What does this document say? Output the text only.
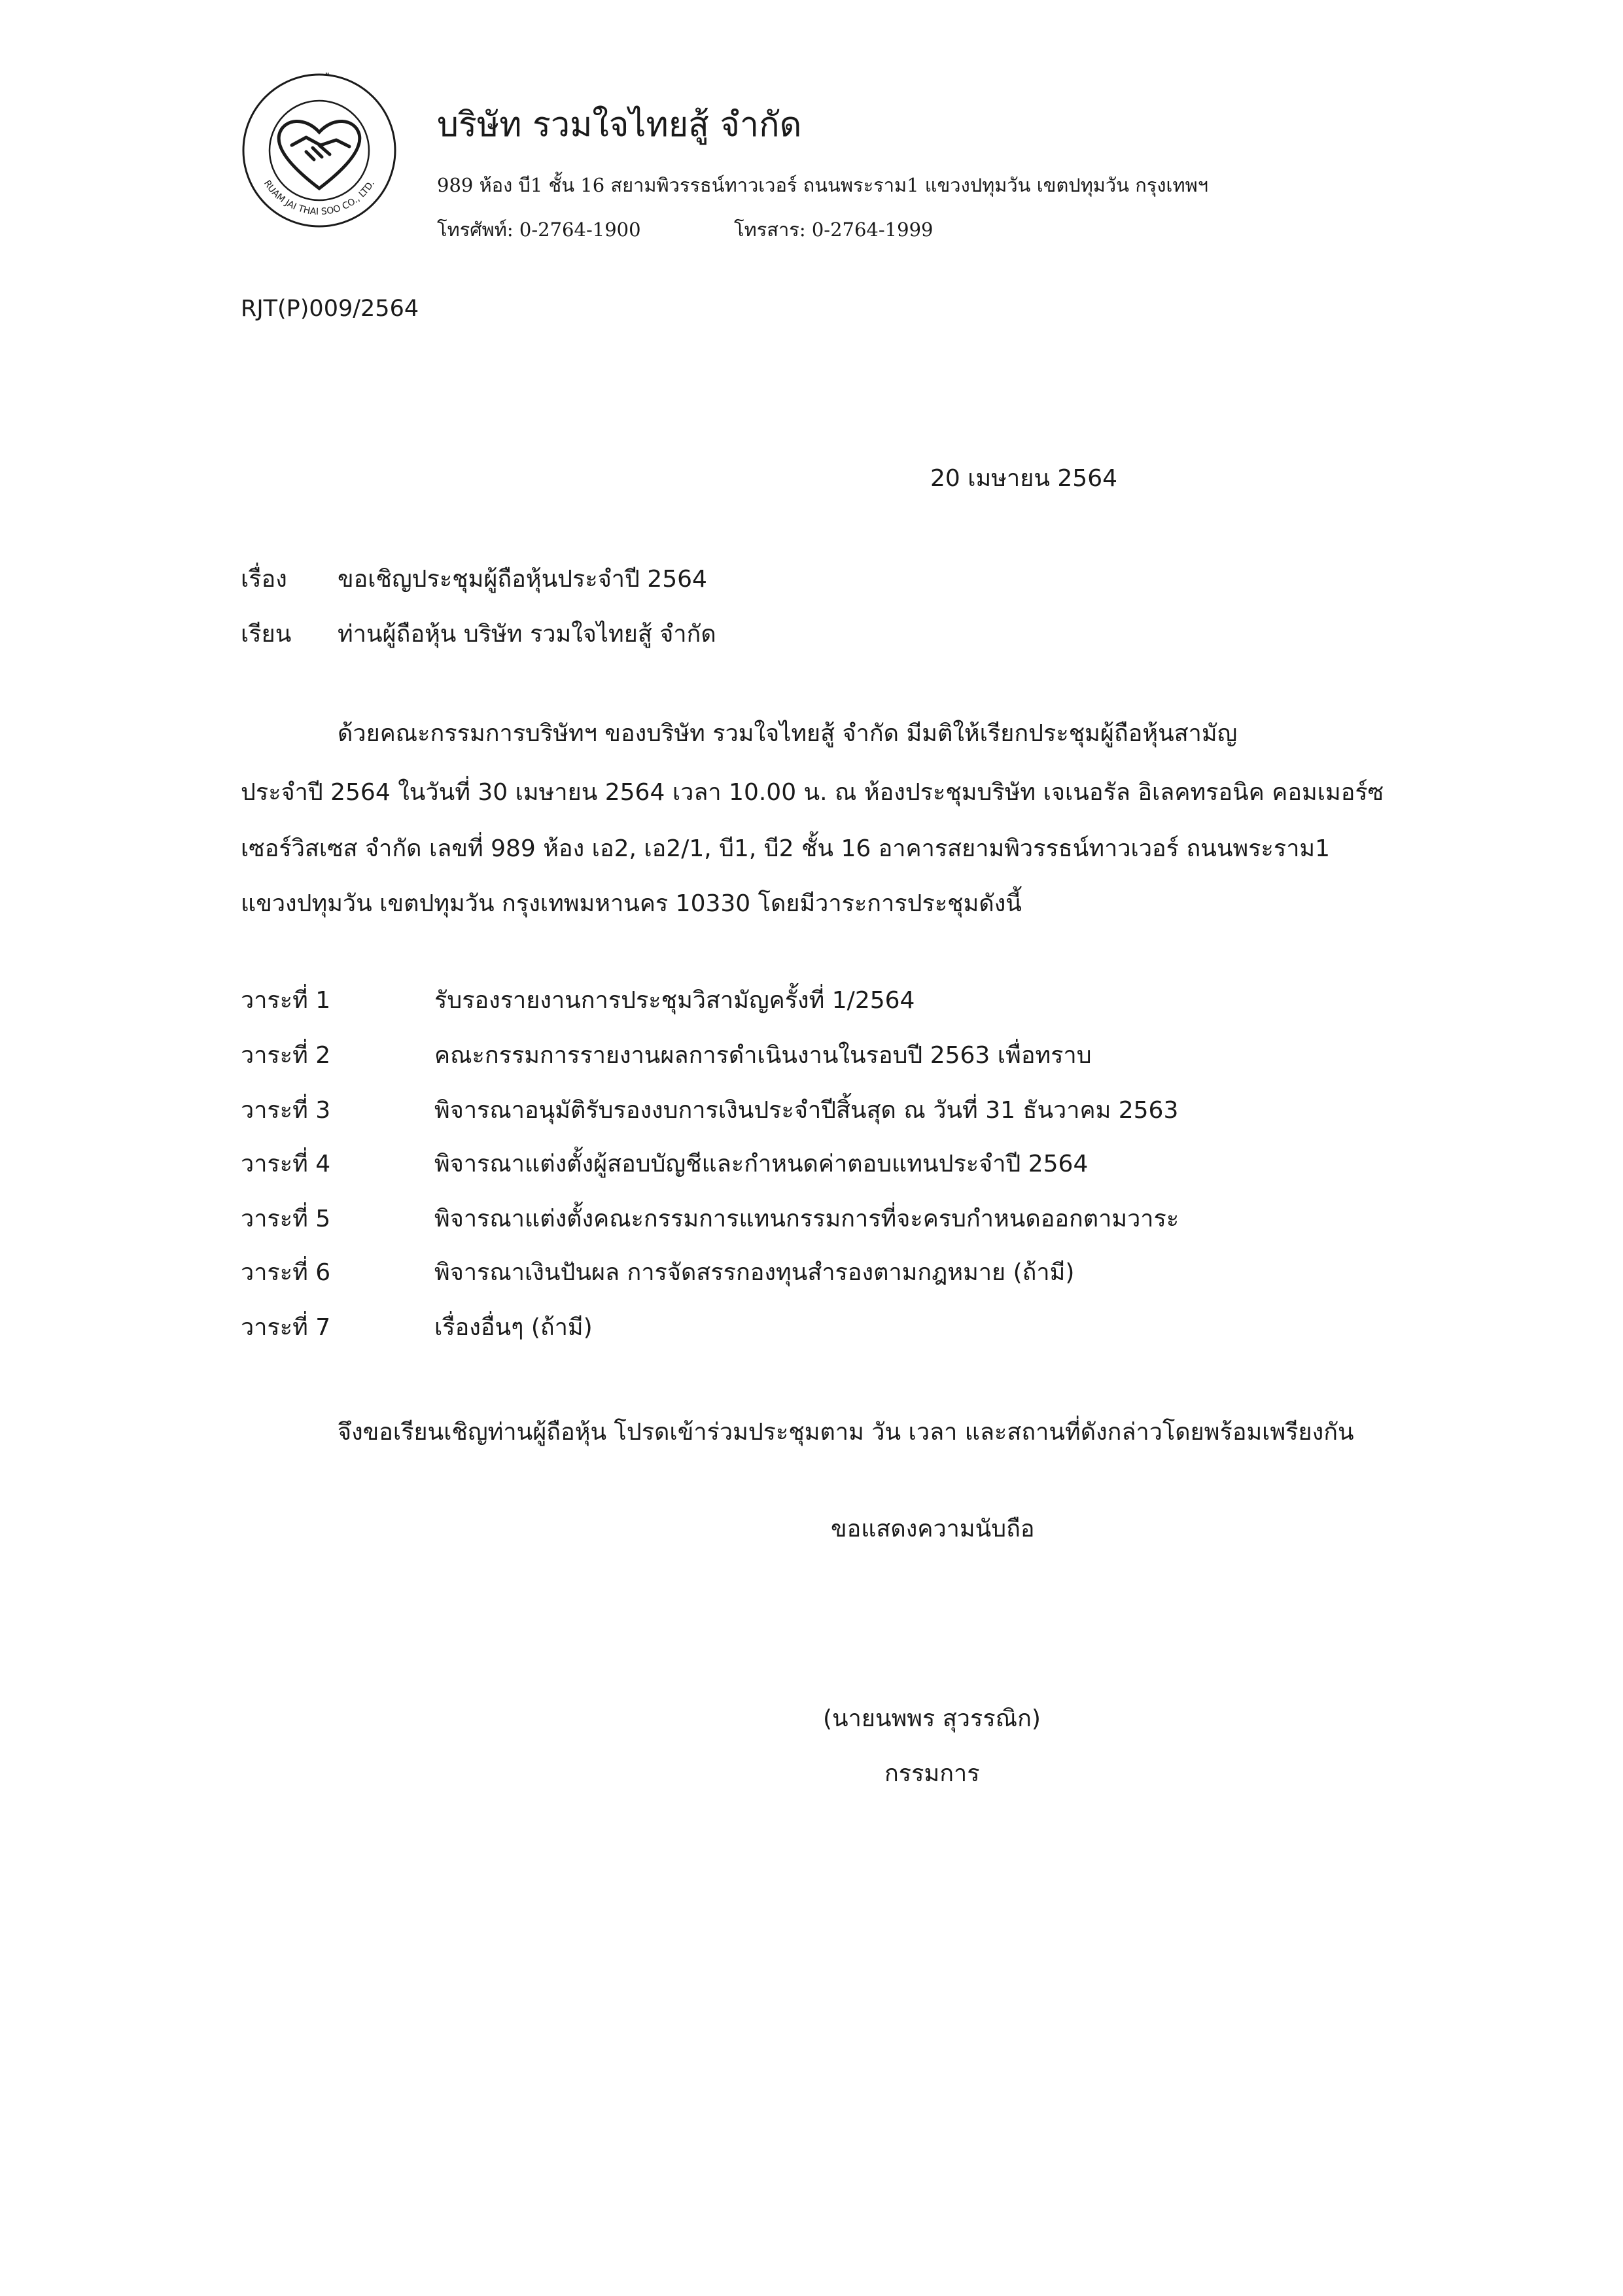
RUAM JAI THAI SOO CO., LTD.
บริษัท รวมใจไทยสู้ จำกัด
989 ห้อง บี1 ชั้น 16 สยามพิวรรธน์ทาวเวอร์ ถนนพระราม1 แขวงปทุมวัน เขตปทุมวัน กรุงเทพฯ
โทรศัพท์: 0-2764-1900	โทรสาร: 0-2764-1999
RJT(P)009/2564
20 เมษายน 2564
เรื่อง ขอเชิญประชุมผู้ถือหุ้นประจำปี 2564
เรียน ท่านผู้ถือหุ้น บริษัท รวมใจไทยสู้ จำกัด
ด้วยคณะกรรมการบริษัทฯ ของบริษัท รวมใจไทยสู้ จำกัด มีมติให้เรียกประชุมผู้ถือหุ้นสามัญ
ประจำปี 2564 ในวันที่ 30 เมษายน 2564 เวลา 10.00 น. ณ ห้องประชุมบริษัท เจเนอรัล อิเลคทรอนิค คอมเมอร์ซ
เซอร์วิสเซส จำกัด เลขที่ 989 ห้อง เอ2, เอ2/1, บี1, บี2 ชั้น 16 อาคารสยามพิวรรธน์ทาวเวอร์ ถนนพระราม1
แขวงปทุมวัน เขตปทุมวัน กรุงเทพมหานคร 10330 โดยมีวาระการประชุมดังนี้
วาระที่ 1	รับรองรายงานการประชุมวิสามัญครั้งที่ 1/2564
วาระที่ 2	คณะกรรมการรายงานผลการดำเนินงานในรอบปี 2563 เพื่อทราบ
วาระที่ 3	พิจารณาอนุมัติรับรองงบการเงินประจำปีสิ้นสุด ณ วันที่ 31 ธันวาคม 2563
วาระที่ 4	พิจารณาแต่งตั้งผู้สอบบัญชีและกำหนดค่าตอบแทนประจำปี 2564
วาระที่ 5	พิจารณาแต่งตั้งคณะกรรมการแทนกรรมการที่จะครบกำหนดออกตามวาระ
วาระที่ 6	พิจารณาเงินปันผล การจัดสรรกองทุนสำรองตามกฎหมาย (ถ้ามี)
วาระที่ 7	เรื่องอื่นๆ (ถ้ามี)
จึงขอเรียนเชิญท่านผู้ถือหุ้น โปรดเข้าร่วมประชุมตาม วัน เวลา และสถานที่ดังกล่าวโดยพร้อมเพรียงกัน
ขอแสดงความนับถือ
(นายนพพร สุวรรณิก)
กรรมการ
